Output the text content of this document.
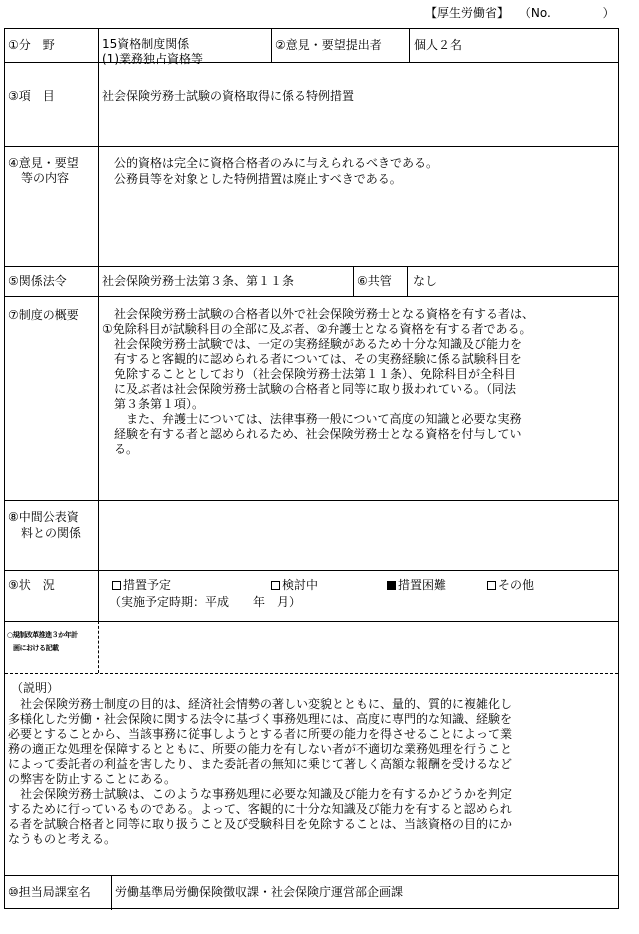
【厚生労働省】 （No.	）
①分　野	15資格制度関係
(1)業務独占資格等
②意見・要望提出者	個人２名
③項　目	社会保険労務士試験の資格取得に係る特例措置
④意見・要望
等の内容
　公的資格は完全に資格合格者のみに与えられるべきである。
　公務員等を対象とした特例措置は廃止すべきである。
⑤関係法令	社会保険労務士法第３条、第１１条	⑥共管 なし
⑦制度の概要 　社会保険労務士試験の合格者以外で社会保険労務士となる資格を有する者は、
①免除科目が試験科目の全部に及ぶ者、②弁護士となる資格を有する者である。
　社会保険労務士試験では、一定の実務経験があるため十分な知識及び能力を
　有すると客観的に認められる者については、その実務経験に係る試験科目を
　免除することとしており（社会保険労務士法第１１条）、免除科目が全科目
　に及ぶ者は社会保険労務士試験の合格者と同等に取り扱われている。（同法
　第３条第１項）。
　　また、弁護士については、法律事務一般について高度の知識と必要な実務
　経験を有する者と認められるため、社会保険労務士となる資格を付与してい
　る。
⑧中間公表資
料との関係
⑨状　況	措置予定	検討中	措置困難	その他
（実施予定時期：平成　　年　月）
○規制改革推進３か年計
画における記載
（説明）
　社会保険労務士制度の目的は、経済社会情勢の著しい変貌とともに、量的、質的に複雑化し
多様化した労働・社会保険に関する法令に基づく事務処理には、高度に専門的な知識、経験を
必要とすることから、当該事務に従事しようとする者に所要の能力を得させることによって業
務の適正な処理を保障するとともに、所要の能力を有しない者が不適切な業務処理を行うこと
によって委託者の利益を害したり、また委託者の無知に乗じて著しく高額な報酬を受けるなど
の弊害を防止することにある。
　社会保険労務士試験は、このような事務処理に必要な知識及び能力を有するかどうかを判定
するために行っているものである。よって、客観的に十分な知識及び能力を有すると認められ
る者を試験合格者と同等に取り扱うこと及び受験科目を免除することは、当該資格の目的にか
なうものと考える。
⑩担当局課室名 労働基準局労働保険徴収課・社会保険庁運営部企画課
